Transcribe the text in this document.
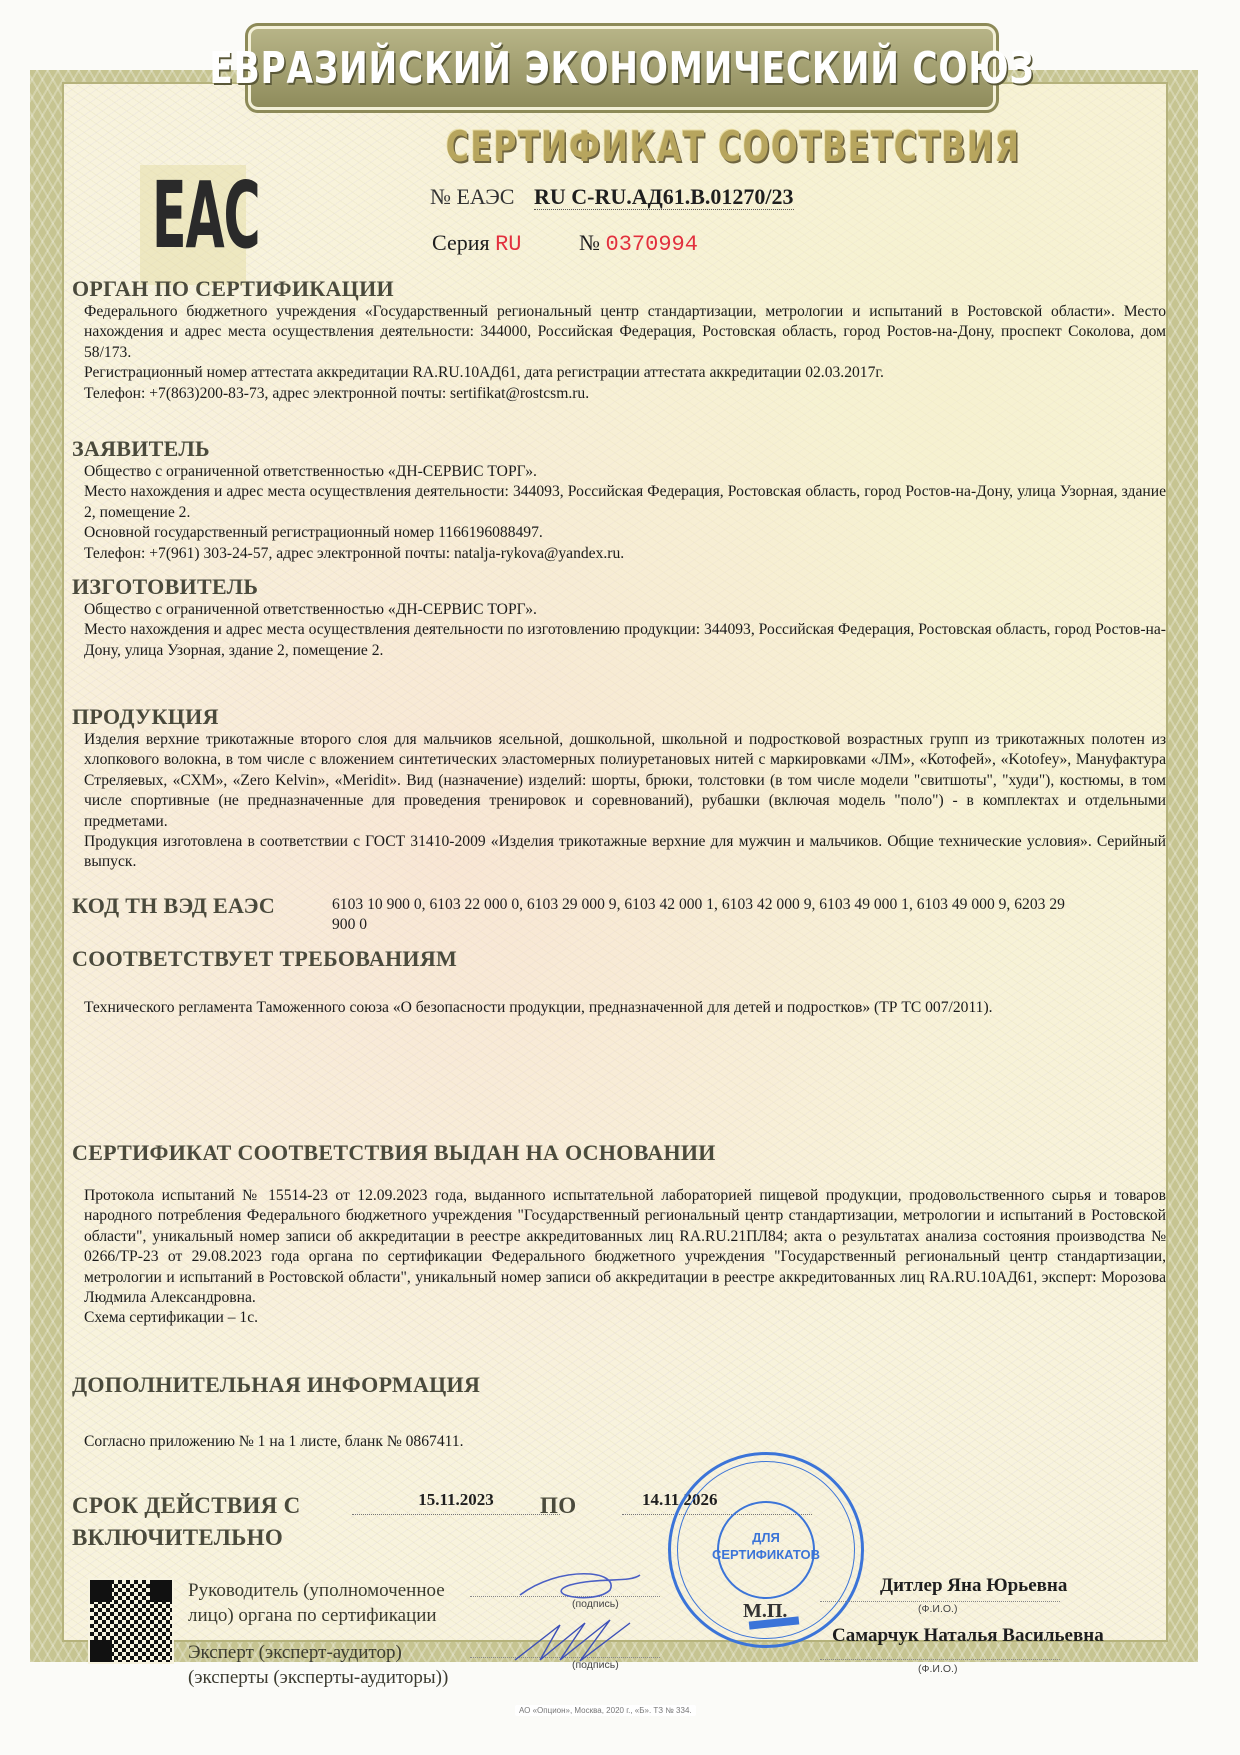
ЕВРАЗИЙСКИЙ ЭКОНОМИЧЕСКИЙ СОЮЗ
ЕАС
СЕРТИФИКАТ СООТВЕТСТВИЯ
№ ЕАЭС RU C-RU.АД61.В.01270/23
Серия RU	№ 0370994
ОРГАН ПО СЕРТИФИКАЦИИ

Федерального бюджетного учреждения «Государственный региональный центр стандартизации, метрологии и испытаний в Ростовской области». Место нахождения и адрес места осуществления деятельности: 344000, Российская Федерация, Ростовская область, город Ростов-на-Дону, проспект Соколова, дом 58/173.

Регистрационный номер аттестата аккредитации RA.RU.10АД61, дата регистрации аттестата аккредитации 02.03.2017г.

Телефон: +7(863)200-83-73, адрес электронной почты: sertifikat@rostcsm.ru.

ЗАЯВИТЕЛЬ

Общество с ограниченной ответственностью «ДН-СЕРВИС ТОРГ».

Место нахождения и адрес места осуществления деятельности: 344093, Российская Федерация, Ростовская область, город Ростов-на-Дону, улица Узорная, здание 2, помещение 2.

Основной государственный регистрационный номер 1166196088497.

Телефон: +7(961) 303-24-57, адрес электронной почты: natalja-rykova@yandex.ru.

ИЗГОТОВИТЕЛЬ

Общество с ограниченной ответственностью «ДН-СЕРВИС ТОРГ».

Место нахождения и адрес места осуществления деятельности по изготовлению продукции: 344093, Российская Федерация, Ростовская область, город Ростов-на-Дону, улица Узорная, здание 2, помещение 2.

ПРОДУКЦИЯ

Изделия верхние трикотажные второго слоя для мальчиков ясельной, дошкольной, школьной и подростковой возрастных групп из трикотажных полотен из хлопкового волокна, в том числе с вложением синтетических эластомерных полиуретановых нитей с маркировками «ЛМ», «Котофей», «Kotofey», Мануфактура Стреляевых, «СХМ», «Zero Kelvin», «Meridit». Вид (назначение) изделий: шорты, брюки, толстовки (в том числе модели "свитшоты", "худи"), костюмы, в том числе спортивные (не предназначенные для проведения тренировок и соревнований), рубашки (включая модель "поло") - в комплектах и отдельными предметами.

Продукция изготовлена в соответствии с ГОСТ 31410-2009 «Изделия трикотажные верхние для мужчин и мальчиков. Общие технические условия». Серийный выпуск.

КОД ТН ВЭД ЕАЭС	6103 10 900 0, 6103 22 000 0, 6103 29 000 9, 6103 42 000 1, 6103 42 000 9, 6103 49 000 1, 6103 49 000 9, 6203 29 900 0
СООТВЕТСТВУЕТ ТРЕБОВАНИЯМ

Технического регламента Таможенного союза «О безопасности продукции, предназначенной для детей и подростков» (ТР ТС 007/2011).

СЕРТИФИКАТ СООТВЕТСТВИЯ ВЫДАН НА ОСНОВАНИИ

Протокола испытаний № 15514-23 от 12.09.2023 года, выданного испытательной лабораторией пищевой продукции, продовольственного сырья и товаров народного потребления Федерального бюджетного учреждения "Государственный региональный центр стандартизации, метрологии и испытаний в Ростовской области", уникальный номер записи об аккредитации в реестре аккредитованных лиц RA.RU.21ПЛ84; акта о результатах анализа состояния производства № 0266/ТР-23 от 29.08.2023 года органа по сертификации Федерального бюджетного учреждения "Государственный региональный центр стандартизации, метрологии и испытаний в Ростовской области", уникальный номер записи об аккредитации в реестре аккредитованных лиц RA.RU.10АД61, эксперт: Морозова Людмила Александровна.

Схема сертификации – 1с.

ДОПОЛНИТЕЛЬНАЯ ИНФОРМАЦИЯ

Согласно приложению № 1 на 1 листе, бланк № 0867411.

СРОК ДЕЙСТВИЯ С
ВКЛЮЧИТЕЛЬНО
15.11.2023	ПО	14.11.2026
Руководитель (уполномоченное
лицо) органа по сертификации
Эксперт (эксперт-аудитор)
(эксперты (эксперты-аудиторы))
(подпись)
(подпись)
ДЛЯ
СЕРТИФИКАТОВ
М.П.
Дитлер Яна Юрьевна
(Ф.И.О.)
Самарчук Наталья Васильевна
(Ф.И.О.)
АО «Опцион», Москва, 2020 г., «Б». ТЗ № 334.
